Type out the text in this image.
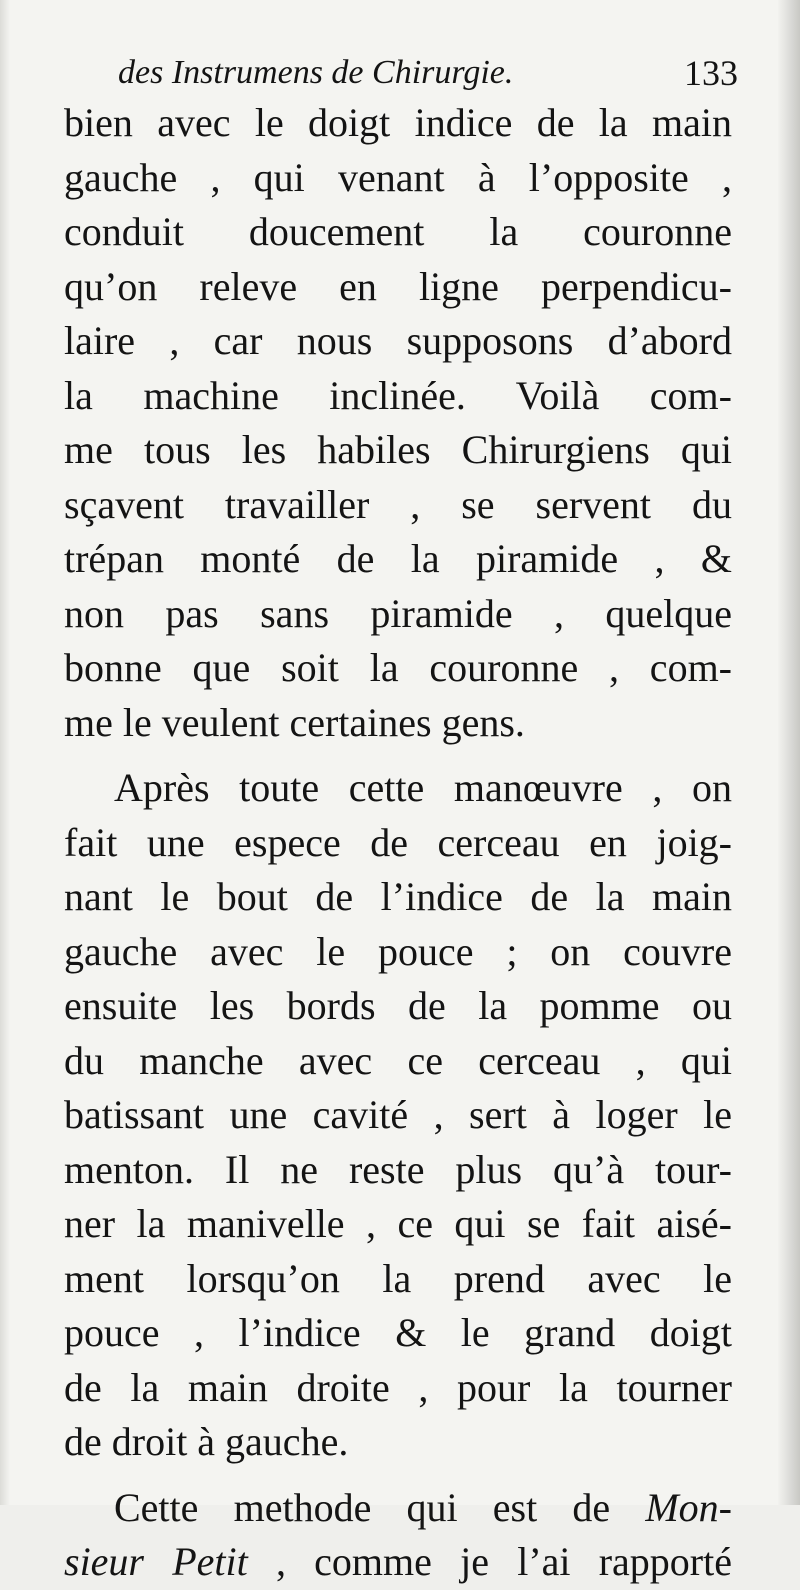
des Instrumens de Chirurgie.	133
bien avec le doigt indice de la main
gauche , qui venant à l’opposite ,
conduit doucement la couronne
qu’on releve en ligne perpendicu-
laire , car nous supposons d’abord
la machine inclinée. Voilà com-
me tous les habiles Chirurgiens qui
sçavent travailler , se servent du
trépan monté de la piramide , &
non pas sans piramide , quelque
bonne que soit la couronne , com-
me le veulent certaines gens.
Après toute cette manœuvre , on
fait une espece de cerceau en joig-
nant le bout de l’indice de la main
gauche avec le pouce ; on couvre
ensuite les bords de la pomme ou
du manche avec ce cerceau , qui
batissant une cavité , sert à loger le
menton. Il ne reste plus qu’à tour-
ner la manivelle , ce qui se fait aisé-
ment lorsqu’on la prend avec le
pouce , l’indice & le grand doigt
de la main droite , pour la tourner
de droit à gauche.
Cette methode qui est de Mon-
sieur Petit , comme je l’ai rapporté
